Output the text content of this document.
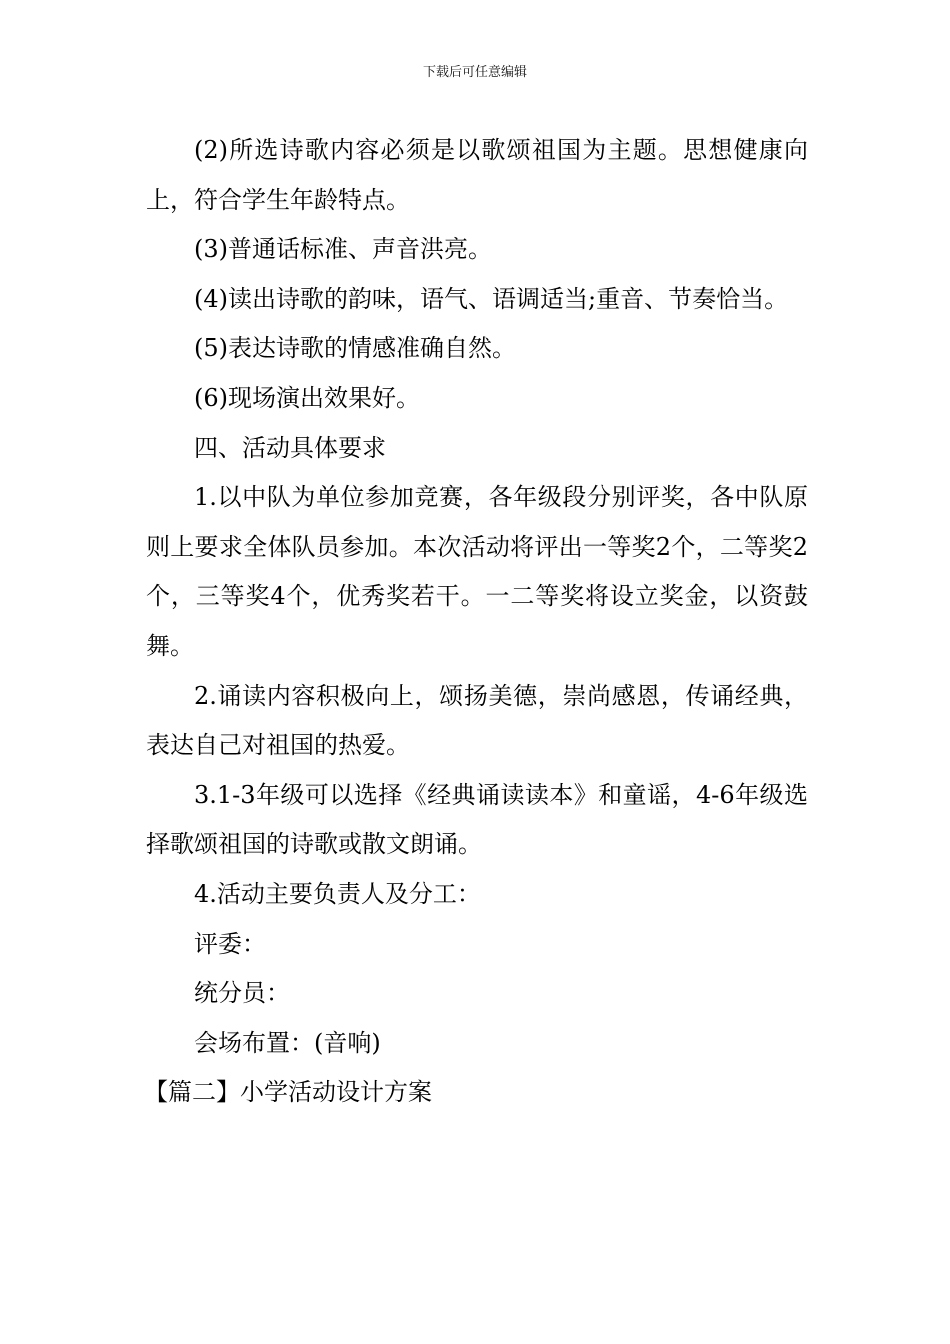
下载后可任意编辑

(2)所选诗歌内容必须是以歌颂祖国为主题。思想健康向上，符合学生年龄特点。

(3)普通话标准、声音洪亮。

(4)读出诗歌的韵味，语气、语调适当;重音、节奏恰当。

(5)表达诗歌的情感准确自然。

(6)现场演出效果好。

四、活动具体要求

1.以中队为单位参加竞赛，各年级段分别评奖，各中队原则上要求全体队员参加。本次活动将评出一等奖2个，二等奖2个，三等奖4个，优秀奖若干。一二等奖将设立奖金，以资鼓舞。

2.诵读内容积极向上，颂扬美德，崇尚感恩，传诵经典，表达自己对祖国的热爱。

3.1-3年级可以选择《经典诵读读本》和童谣，4-6年级选择歌颂祖国的诗歌或散文朗诵。

4.活动主要负责人及分工：

评委：

统分员：

会场布置：(音响)

【篇二】小学活动设计方案
